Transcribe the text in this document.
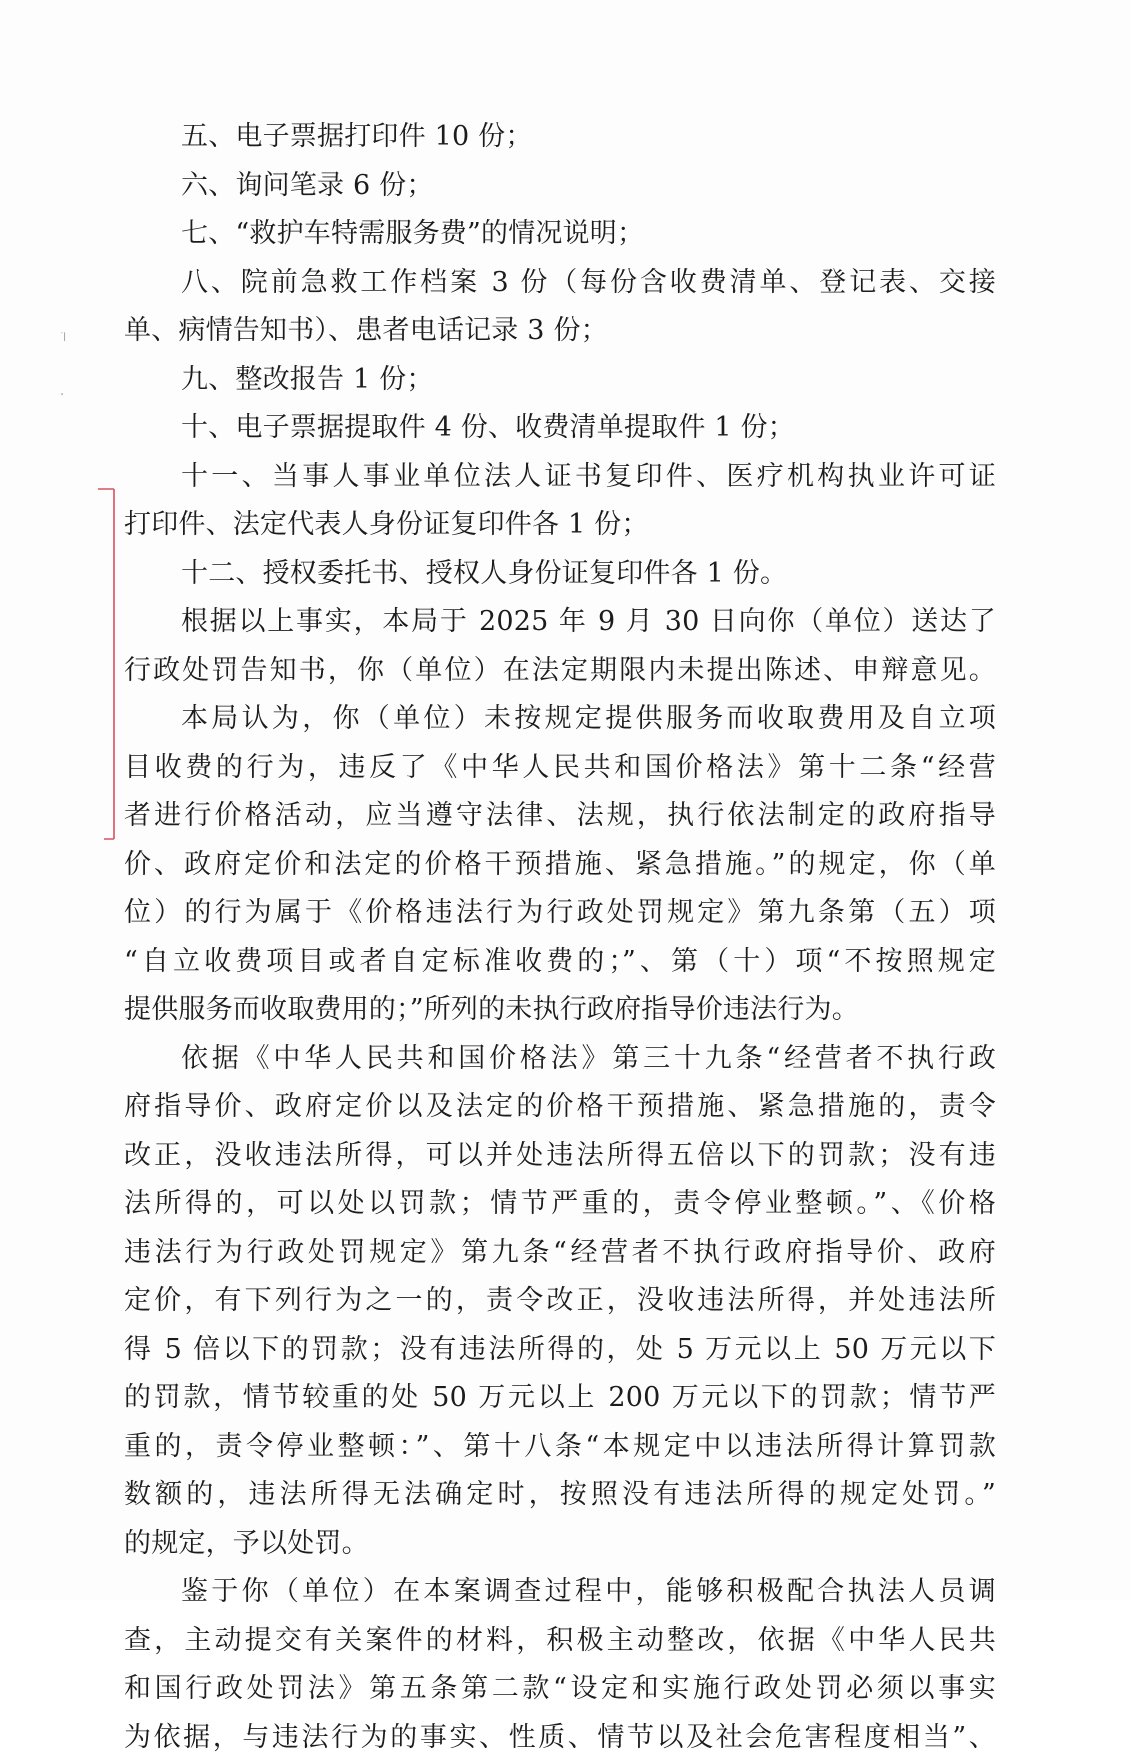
꜈
·
五、电子票据打印件 10 份；
六、询问笔录 6 份；
七、“救护车特需服务费”的情况说明；
八、院前急救工作档案 3 份（每份含收费清单、登记表、交接
单、病情告知书）、患者电话记录 3 份；
九、整改报告 1 份；
十、电子票据提取件 4 份、收费清单提取件 1 份；
十一、当事人事业单位法人证书复印件、医疗机构执业许可证
打印件、法定代表人身份证复印件各 1 份；
十二、授权委托书、授权人身份证复印件各 1 份。
根据以上事实，本局于 2025 年 9 月 30 日向你（单位）送达了
行政处罚告知书，你（单位）在法定期限内未提出陈述、申辩意见。
本局认为，你（单位）未按规定提供服务而收取费用及自立项
目收费的行为，违反了《中华人民共和国价格法》第十二条“经营
者进行价格活动，应当遵守法律、法规，执行依法制定的政府指导
价、政府定价和法定的价格干预措施、紧急措施。”的规定，你（单
位）的行为属于《价格违法行为行政处罚规定》第九条第（五）项
“自立收费项目或者自定标准收费的；”、第（十）项“不按照规定
提供服务而收取费用的；”所列的未执行政府指导价违法行为。
依据《中华人民共和国价格法》第三十九条“经营者不执行政
府指导价、政府定价以及法定的价格干预措施、紧急措施的，责令
改正，没收违法所得，可以并处违法所得五倍以下的罚款；没有违
法所得的，可以处以罚款；情节严重的，责令停业整顿。”、《价格
违法行为行政处罚规定》第九条“经营者不执行政府指导价、政府
定价，有下列行为之一的，责令改正，没收违法所得，并处违法所
得 5 倍以下的罚款；没有违法所得的，处 5 万元以上 50 万元以下
的罚款，情节较重的处 50 万元以上 200 万元以下的罚款；情节严
重的，责令停业整顿：”、第十八条“本规定中以违法所得计算罚款
数额的，违法所得无法确定时，按照没有违法所得的规定处罚。”
的规定，予以处罚。
鉴于你（单位）在本案调查过程中，能够积极配合执法人员调
查，主动提交有关案件的材料，积极主动整改，依据《中华人民共
和国行政处罚法》第五条第二款“设定和实施行政处罚必须以事实
为依据，与违法行为的事实、性质、情节以及社会危害程度相当”、
